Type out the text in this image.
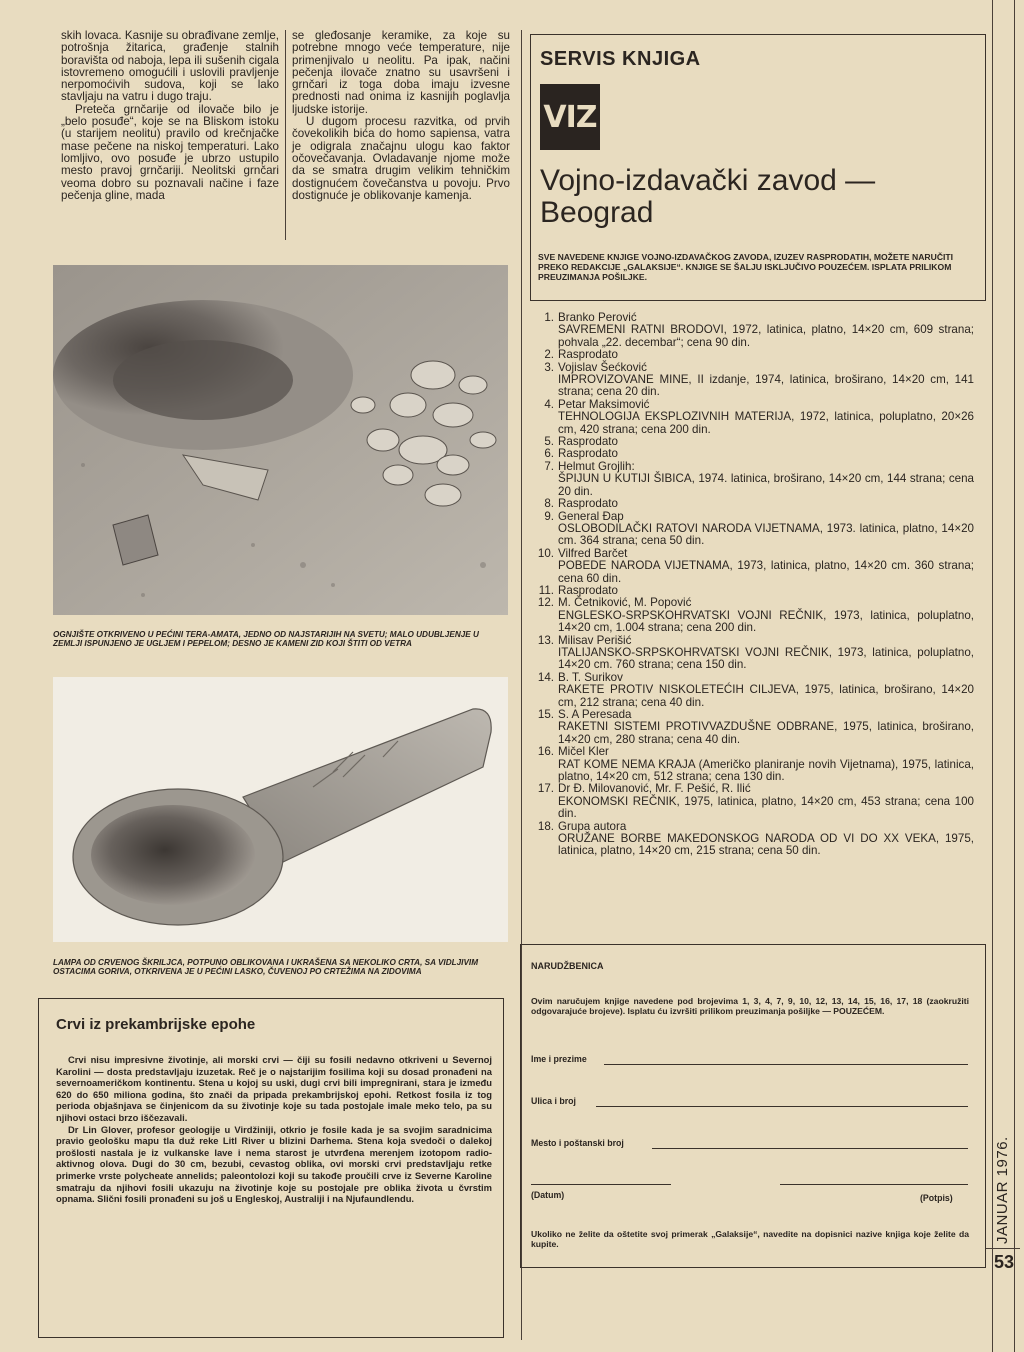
skih lovaca. Kasnije su obrađivane zemlje, potrošnja žitarica, građenje stalnih boravišta od naboja, lepa ili sušenih cigala istovremeno omogućili i uslovili pravljenje nerpomoćivih sudova, koji se lako stavljaju na vatru i dugo traju.

Preteča grnčarije od ilovače bilo je „belo posuđe“, koje se na Bliskom istoku (u starijem neolitu) pravilo od krečnjačke mase pečene na niskoj temperaturi. Lako lomljivo, ovo posuđe je ubrzo ustupilo mesto pravoj grnčariji. Neolitski grnčari veoma dobro su poznavali načine i faze pečenja gline, mada

se gleđosanje keramike, za koje su potrebne mnogo veće temperature, nije primenjivalo u neolitu. Pa ipak, načini pečenja ilovače znatno su usavršeni i grnčari iz toga doba imaju izvesne prednosti nad onima iz kasnijih poglavlja ljudske istorije.

U dugom procesu razvitka, od prvih čovekolikih bića do homo sapiensa, vatra je odigrala značajnu ulogu kao faktor očovečavanja. Ovladavanje njome može da se smatra drugim velikim tehničkim dostignućem čovečanstva u povoju. Prvo dostignuće je oblikovanje kamenja.

OGNJIŠTE OTKRIVENO U PEĆINI TERA-AMATA, JEDNO OD NAJSTARIJIH NA SVETU; MALO UDUBLJENJE U ZEMLJI ISPUNJENO JE UGLJEM I PEPELOM; DESNO JE KAMENI ZID KOJI ŠTITI OD VETRA
LAMPA OD CRVENOG ŠKRILJCA, POTPUNO OBLIKOVANA I UKRAŠENA SA NEKOLIKO CRTA, SA VIDLJIVIM OSTACIMA GORIVA, OTKRIVENA JE U PEĆINI LASKO, ČUVENOJ PO CRTEŽIMA NA ZIDOVIMA
Crvi iz prekambrijske epohe

Crvi nisu impresivne životinje, ali morski crvi — čiji su fosili nedavno otkriveni u Severnoj Karolini — dosta predstavljaju izuzetak. Reč je o najstarijim fosilima koji su dosad pronađeni na severnoameričkom kontinentu. Stena u kojoj su uski, dugi crvi bili impregnirani, stara je između 620 do 650 miliona godina, što znači da pripada prekambrijskoj epohi. Retkost fosila iz tog perioda objašnjava se činjenicom da su životinje koje su tada postojale imale meko telo, pa su njihovi ostaci brzo iščezavali.

Dr Lin Glover, profesor geologije u Virdžiniji, otkrio je fosile kada je sa svojim saradnicima pravio geološku mapu tla duž reke Litl River u blizini Darhema. Stena koja svedoči o dalekoj prošlosti nastala je iz vulkanske lave i nema starost je utvrđena merenjem izotopom radio-aktivnog olova. Dugi do 30 cm, bezubi, cevastog oblika, ovi morski crvi predstavljaju retke primerke vrste polycheate annelids; paleontolozi koji su takođe proučili crve iz Severne Karoline smatraju da njihovi fosili ukazuju na životinje koje su postojale pre oblika života u čvrstim opnama. Slični fosili pronađeni su još u Engleskoj, Australiji i na Njufaundlendu.

SERVIS KNJIGA
VIZ
Vojno-izdavački zavod —
Beograd
SVE NAVEDENE KNJIGE VOJNO-IZDAVAČKOG ZAVODA, IZUZEV RASPRODATIH, MOŽETE NARUČITI PREKO REDAKCIJE „GALAKSIJE“. KNJIGE SE ŠALJU ISKLJUČIVO POUZEĆEM. ISPLATA PRILIKOM PREUZIMANJA POŠILJKE.
1. Branko Perović
SAVREMENI RATNI BRODOVI, 1972, latinica, platno, 14×20 cm, 609 strana; pohvala „22. decembar“; cena 90 din.
2. Rasprodato
3. Vojislav Šećković
IMPROVIZOVANE MINE, II izdanje, 1974, latinica, broširano, 14×20 cm, 141 strana; cena 20 din.
4. Petar Maksimović
TEHNOLOGIJA EKSPLOZIVNIH MATERIJA, 1972, latinica, poluplatno, 20×26 cm, 420 strana; cena 200 din.
5. Rasprodato
6. Rasprodato
7. Helmut Grojlih:
ŠPIJUN U KUTIJI ŠIBICA, 1974. latinica, broširano, 14×20 cm, 144 strana; cena 20 din.
8. Rasprodato
9. General Đap
OSLOBODILAČKI RATOVI NARODA VIJETNAMA, 1973. latinica, platno, 14×20 cm. 364 strana; cena 50 din.
10. Vilfred Barčet
POBEDE NARODA VIJETNAMA, 1973, latinica, platno, 14×20 cm. 360 strana; cena 60 din.
11. Rasprodato
12. M. Četniković, M. Popović
ENGLESKO-SRPSKOHRVATSKI VOJNI REČNIK, 1973, latinica, poluplatno, 14×20 cm, 1.004 strana; cena 200 din.
13. Milisav Perišić
ITALIJANSKO-SRPSKOHRVATSKI VOJNI REČNIK, 1973, latinica, poluplatno, 14×20 cm. 760 strana; cena 150 din.
14. B. T. Surikov
RAKETE PROTIV NISKOLETEĆIH CILJEVA, 1975, latinica, broširano, 14×20 cm, 212 strana; cena 40 din.
15. S. A Peresada
RAKETNI SISTEMI PROTIVVAZDUŠNE ODBRANE, 1975, latinica, broširano, 14×20 cm, 280 strana; cena 40 din.
16. Mičel Kler
RAT KOME NEMA KRAJA (Američko planiranje novih Vijetnama), 1975, latinica, platno, 14×20 cm, 512 strana; cena 130 din.
17. Dr Đ. Milovanović, Mr. F. Pešić, R. Ilić
EKONOMSKI REČNIK, 1975, latinica, platno, 14×20 cm, 453 strana; cena 100 din.
18. Grupa autora
ORUŽANE BORBE MAKEDONSKOG NARODA OD VI DO XX VEKA, 1975, latinica, platno, 14×20 cm, 215 strana; cena 50 din.
NARUDŽBENICA
Ovim naručujem knjige navedene pod brojevima 1, 3, 4, 7, 9, 10, 12, 13, 14, 15, 16, 17, 18 (zaokružiti odgovarajuće brojeve). Isplatu ću izvršiti prilikom preuzimanja pošiljke — POUZEĆEM.
Ime i prezime
Ulica i broj
Mesto i poštanski broj
(Datum)	(Potpis)
Ukoliko ne želite da oštetite svoj primerak „Galaksije“, navedite na dopisnici nazive knjiga koje želite da kupite.
JANUAR 1976.
53
